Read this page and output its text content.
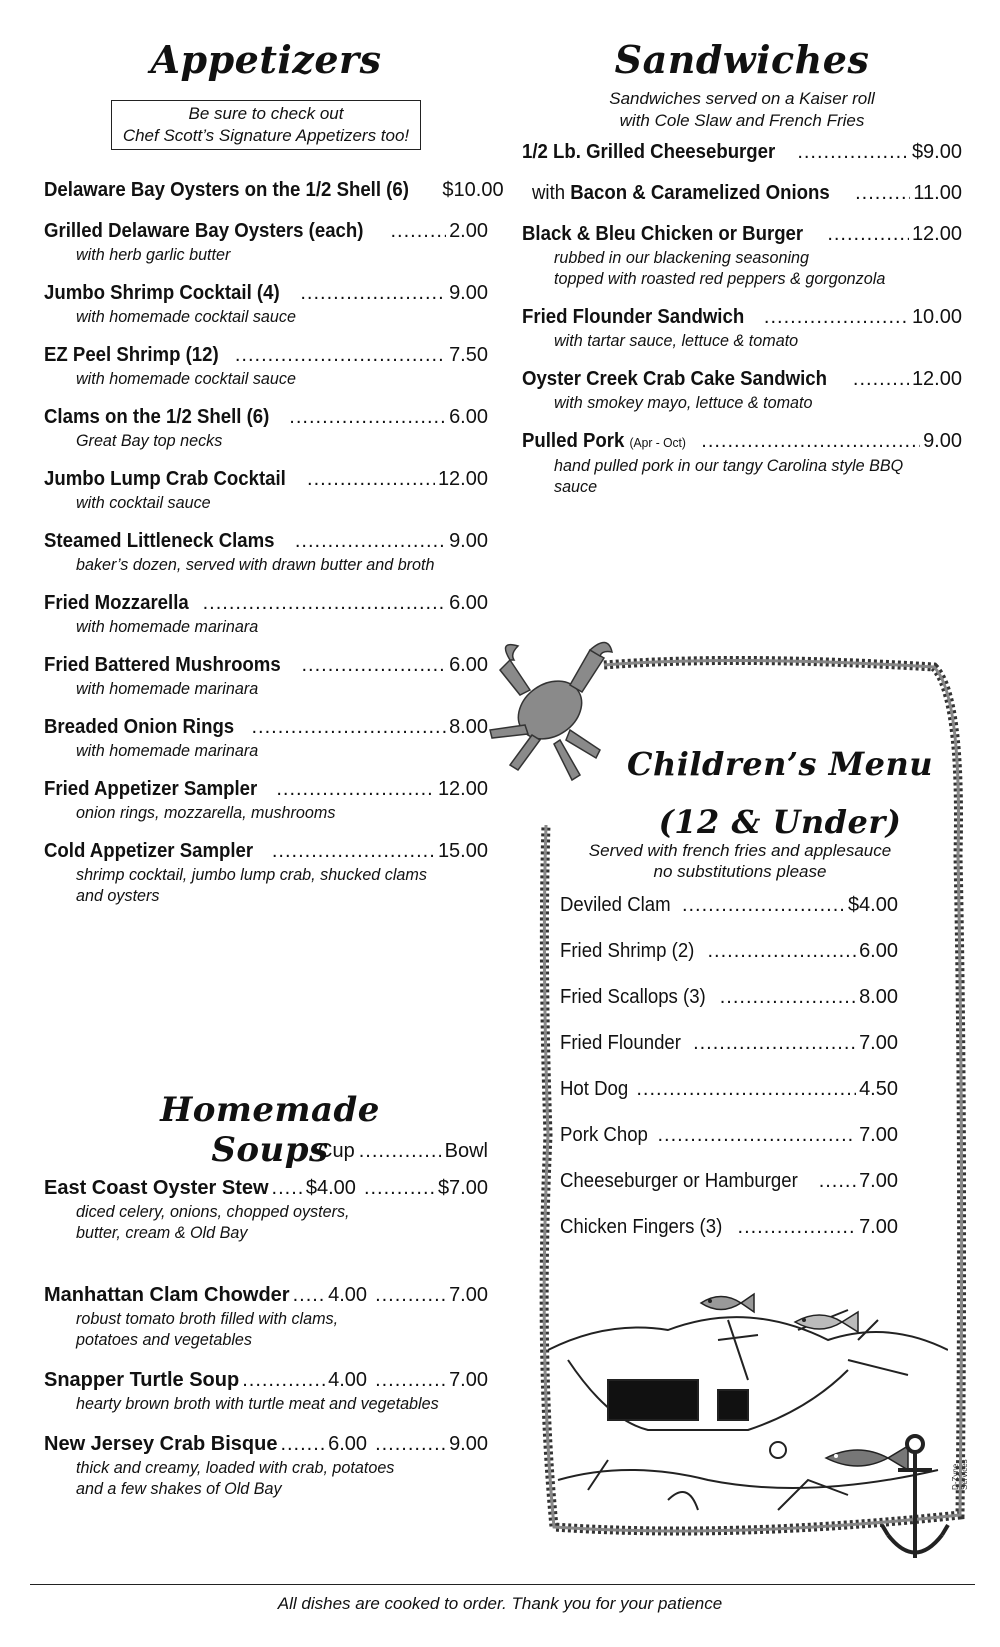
Appetizers
Be sure to check out
Chef Scott’s Signature Appetizers too!
Delaware Bay Oysters on the 1/2 Shell (6) $10.00
Grilled Delaware Bay Oysters (each) .....	2.00
with herb garlic butter
Jumbo Shrimp Cocktail (4) .....	9.00
with homemade cocktail sauce
EZ Peel Shrimp (12) .....	7.50
with homemade cocktail sauce
Clams on the 1/2 Shell (6) .....	6.00
Great Bay top necks
Jumbo Lump Crab Cocktail .....	12.00
with cocktail sauce
Steamed Littleneck Clams .....	9.00
baker’s dozen, served with drawn butter and broth
Fried Mozzarella .....	6.00
with homemade marinara
Fried Battered Mushrooms .....	6.00
with homemade marinara
Breaded Onion Rings .....	8.00
with homemade marinara
Fried Appetizer Sampler .....	12.00
onion rings, mozzarella, mushrooms
Cold Appetizer Sampler .....	15.00
shrimp cocktail, jumbo lump crab, shucked clams
and oysters
Homemade Soups
Cup .....	Bowl
East Coast Oyster Stew ..... $4.00 .....	$7.00
diced celery, onions, chopped oysters,
butter, cream & Old Bay
Manhattan Clam Chowder ..... 4.00 .....	7.00
robust tomato broth filled with clams,
potatoes and vegetables
Snapper Turtle Soup .....	4.00 .....	7.00
hearty brown broth with turtle meat and vegetables
New Jersey Crab Bisque .....	6.00 .....	9.00
thick and creamy, loaded with crab, potatoes
and a few shakes of Old Bay
Sandwiches
Sandwiches served on a Kaiser roll
with Cole Slaw and French Fries
1/2 Lb. Grilled Cheeseburger .....	$9.00
with Bacon & Caramelized Onions .....	11.00
Black & Bleu Chicken or Burger .....	12.00
rubbed in our blackening seasoning
topped with roasted red peppers & gorgonzola
Fried Flounder Sandwich .....	10.00
with tartar sauce, lettuce & tomato
Oyster Creek Crab Cake Sandwich .....	12.00
with smokey mayo, lettuce & tomato
Pulled Pork (Apr - Oct) .....	9.00
hand pulled pork in our tangy Carolina style BBQ sauce
Children’s Menu
(12 & Under)
Served with french fries and applesauce
no substitutions please
Deviled Clam .....	$4.00
Fried Shrimp (2) .....	6.00
Fried Scallops (3) .....	8.00
Fried Flounder .....	7.00
Hot Dog .....	4.50
Pork Chop .....	7.00
Cheeseburger or Hamburger .....	7.00
Chicken Fingers (3) .....	7.00
D-Zyne Services
All dishes are cooked to order. Thank you for your patience
